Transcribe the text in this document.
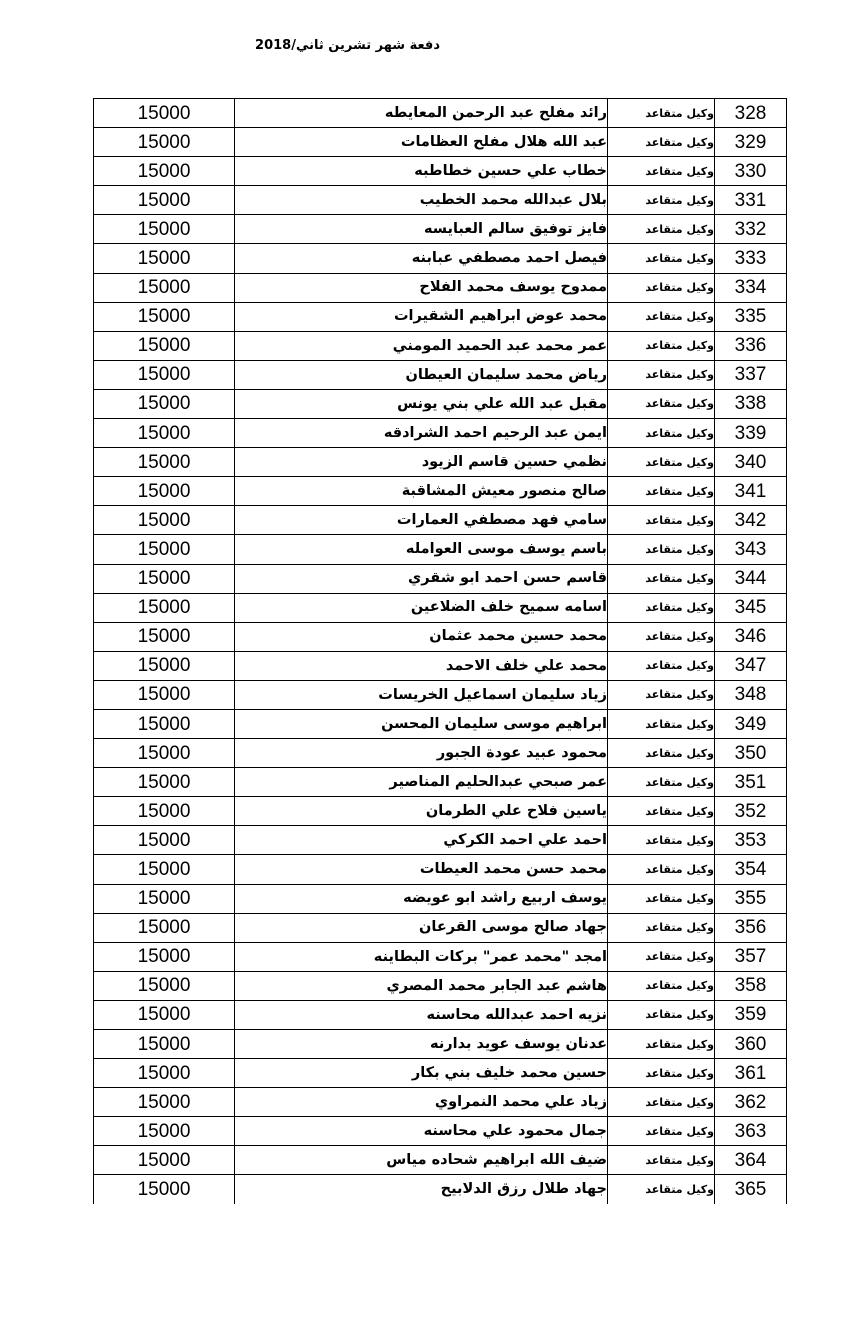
دفعة شهر تشرين ثاني/2018
15000	رائد مفلح عبد الرحمن المعايطه	وكيل متقاعد	328
15000	عبد الله هلال مفلح العظامات	وكيل متقاعد	329
15000	خطاب علي حسين خطاطبه	وكيل متقاعد	330
15000	بلال عبدالله محمد الخطيب	وكيل متقاعد	331
15000	فايز توفيق سالم العبايسه	وكيل متقاعد	332
15000	فيصل احمد مصطفي عبابنه	وكيل متقاعد	333
15000	ممدوح يوسف محمد الفلاح	وكيل متقاعد	334
15000	محمد عوض ابراهيم الشقيرات	وكيل متقاعد	335
15000	عمر محمد عبد الحميد المومني	وكيل متقاعد	336
15000	رياض محمد سليمان العيطان	وكيل متقاعد	337
15000	مقبل عبد الله علي بني يونس	وكيل متقاعد	338
15000	ايمن عبد الرحيم احمد الشرادقه	وكيل متقاعد	339
15000	نظمي حسين قاسم الزيود	وكيل متقاعد	340
15000	صالح منصور معيش المشاقبة	وكيل متقاعد	341
15000	سامي فهد مصطفي العمارات	وكيل متقاعد	342
15000	باسم يوسف موسى العوامله	وكيل متقاعد	343
15000	قاسم حسن احمد ابو شقري	وكيل متقاعد	344
15000	اسامه سميح خلف الضلاعين	وكيل متقاعد	345
15000	محمد حسين محمد عثمان	وكيل متقاعد	346
15000	محمد علي خلف الاحمد	وكيل متقاعد	347
15000	زياد سليمان اسماعيل الخريسات	وكيل متقاعد	348
15000	ابراهيم موسى سليمان المحسن	وكيل متقاعد	349
15000	محمود عبيد عودة الجبور	وكيل متقاعد	350
15000	عمر صبحي عبدالحليم المناصير	وكيل متقاعد	351
15000	ياسين فلاح علي الطرمان	وكيل متقاعد	352
15000	احمد علي احمد الكركي	وكيل متقاعد	353
15000	محمد حسن محمد العيطات	وكيل متقاعد	354
15000	يوسف اربيع راشد ابو عويضه	وكيل متقاعد	355
15000	جهاد صالح موسى القرعان	وكيل متقاعد	356
15000	امجد "محمد عمر" بركات البطاينه	وكيل متقاعد	357
15000	هاشم عبد الجابر محمد المصري	وكيل متقاعد	358
15000	نزيه احمد عبدالله محاسنه	وكيل متقاعد	359
15000	عدنان يوسف عويد بدارنه	وكيل متقاعد	360
15000	حسين محمد خليف بني بكار	وكيل متقاعد	361
15000	زياد علي محمد النمراوي	وكيل متقاعد	362
15000	جمال محمود علي محاسنه	وكيل متقاعد	363
15000	ضيف الله ابراهيم شحاده مياس	وكيل متقاعد	364
15000	جهاد طلال رزق الدلابيح	وكيل متقاعد	365
